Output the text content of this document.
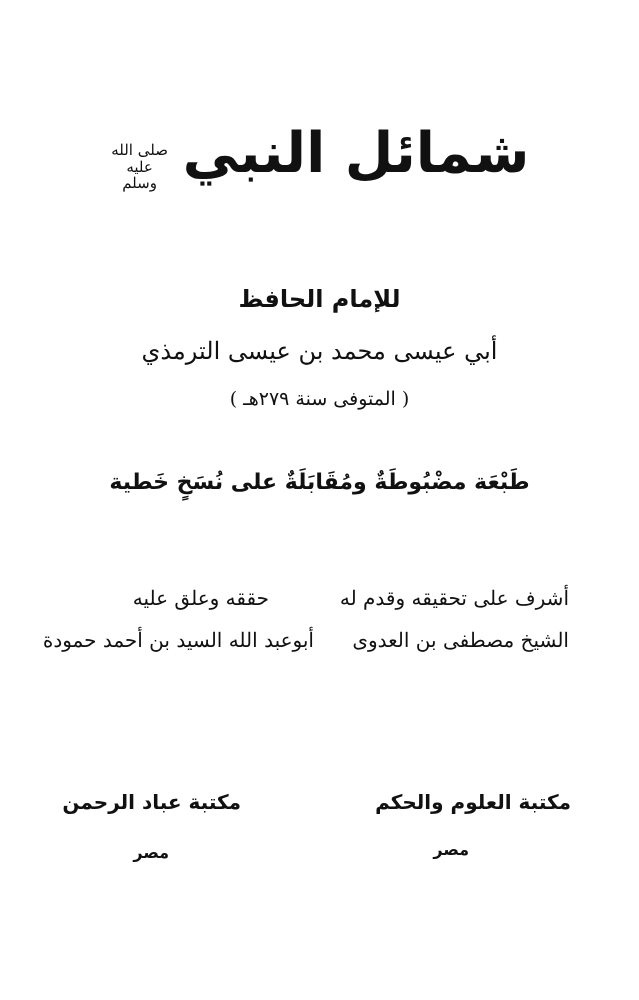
شمائل النبي صلى الله عليه وسلم
للإمام الحافظ
أبي عيسى محمد بن عيسى الترمذي
( المتوفى سنة ٢٧٩هـ )
طَبْعَة مضْبُوطَةٌ ومُقَابَلَةٌ على نُسَخٍ خَطية
أشرف على تحقيقه وقدم له
الشيخ مصطفى بن العدوى
حققه وعلق عليه
أبوعبد الله السيد بن أحمد حمودة
مكتبة العلوم والحكم
مصر
مكتبة عباد الرحمن
مصر
